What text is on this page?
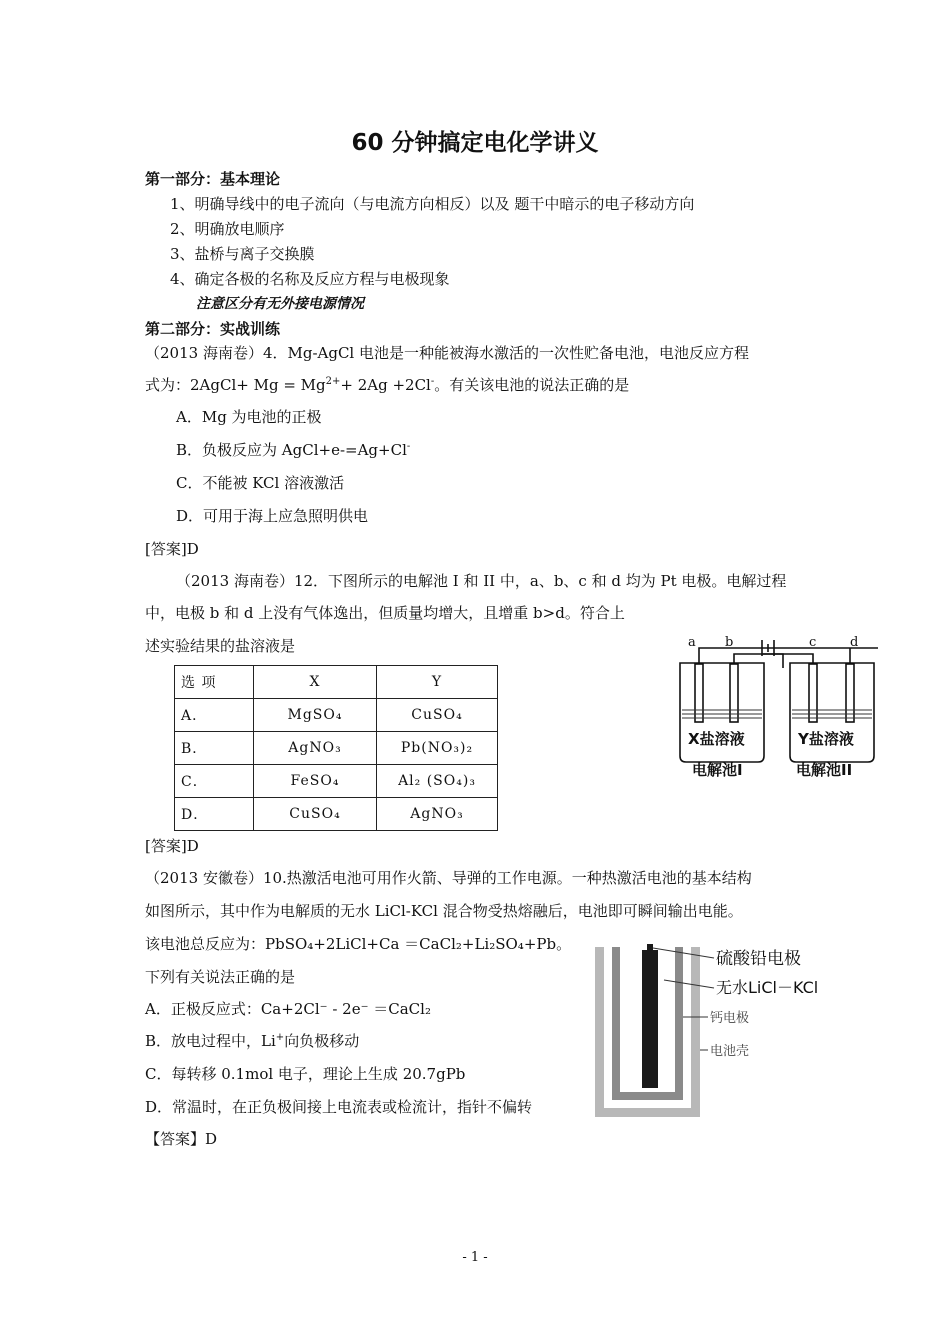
60 分钟搞定电化学讲义
第一部分：基本理论
1、明确导线中的电子流向（与电流方向相反）以及 题干中暗示的电子移动方向
2、明确放电顺序
3、盐桥与离子交换膜
4、确定各极的名称及反应方程与电极现象
注意区分有无外接电源情况
第二部分：实战训练
（2013 海南卷）4．Mg-AgCl 电池是一种能被海水激活的一次性贮备电池，电池反应方程
式为：2AgCl+ $Mg = Mg^{2+}+ 2Ag +2Cl^-$。有关该电池的说法正确的是
A．Mg 为电池的正极
B．负极反应为 AgCl+e-=Ag+Cl-
C．不能被 KCl 溶液激活
D．可用于海上应急照明供电
[答案]D
（2013 海南卷）12．下图所示的电解池 I 和 II 中，a、b、c 和 d 均为 Pt 电极。电解过程
中，电极 b 和 d 上没有气体逸出，但质量均增大，且增重 b>d。符合上
述实验结果的盐溶液是
选 项	X	Y
A．	MgSO₄	CuSO₄
B．	AgNO₃	Pb(NO₃)₂
C．	FeSO₄	Al₂ (SO₄)₃
D．	CuSO₄	AgNO₃
a b	c	d
X盐溶液	Y盐溶液
电解池I	电解池II
[答案]D
（2013 安徽卷）10.热激活电池可用作火箭、导弹的工作电源。一种热激活电池的基本结构
如图所示，其中作为电解质的无水 LiCl-KCl 混合物受热熔融后，电池即可瞬间输出电能。
该电池总反应为：PbSO₄+2LiCl+Ca ＝CaCl₂+Li₂SO₄+Pb。
下列有关说法正确的是
A．正极反应式：Ca+2Cl⁻ - 2e⁻ ＝CaCl₂
B．放电过程中，Li+向负极移动
C．每转移 0.1mol 电子，理论上生成 20.7gPb
D．常温时，在正负极间接上电流表或检流计，指针不偏转
【答案】D
硫酸铅电极
无水LiCl－KCl
钙电极
电池壳
- 1 -
